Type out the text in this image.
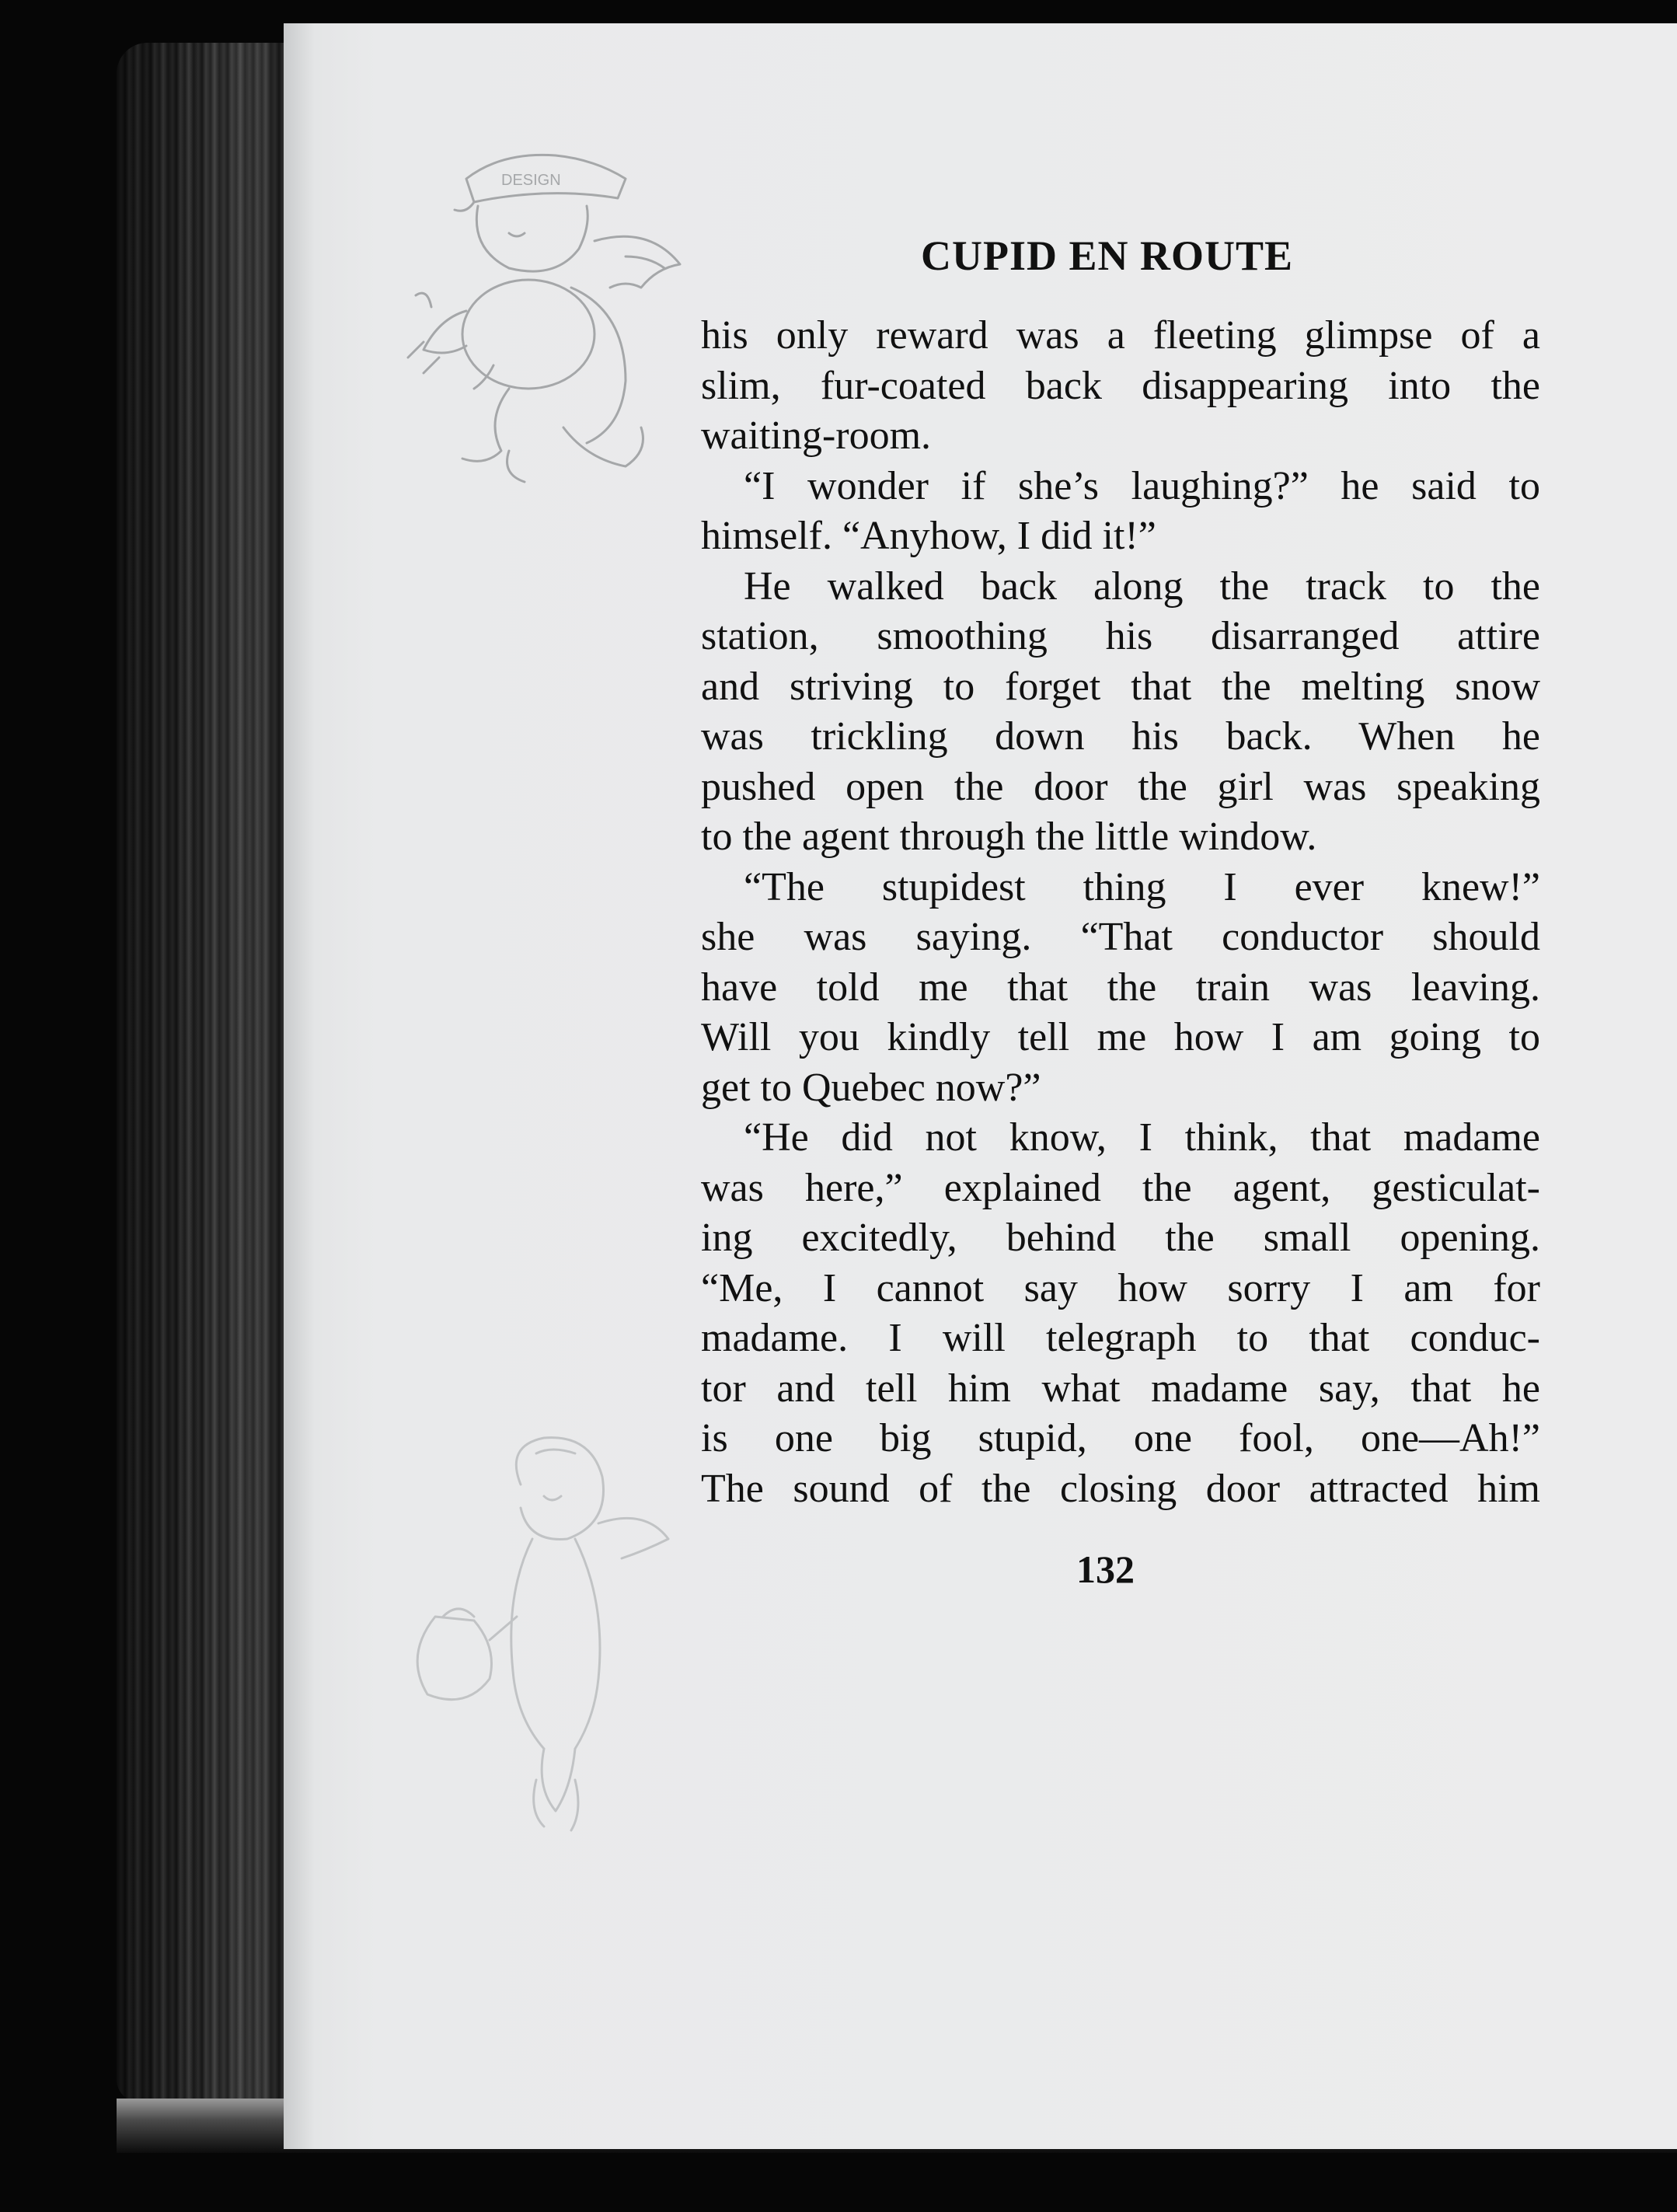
DESIGN
CUPID EN ROUTE
his only reward was a fleeting glimpse of a
slim, fur-coated back disappearing into the
waiting-room.
“I wonder if she’s laughing?” he said to
himself. “Anyhow, I did it!”
He walked back along the track to the
station, smoothing his disarranged attire
and striving to forget that the melting snow
was trickling down his back. When he
pushed open the door the girl was speaking
to the agent through the little window.
“The stupidest thing I ever knew!”
she was saying. “That conductor should
have told me that the train was leaving.
Will you kindly tell me how I am going to
get to Quebec now?”
“He did not know, I think, that madame
was here,” explained the agent, gesticulat-
ing excitedly, behind the small opening.
“Me, I cannot say how sorry I am for
madame. I will telegraph to that conduc-
tor and tell him what madame say, that he
is one big stupid, one fool, one—Ah!”
The sound of the closing door attracted him
132
